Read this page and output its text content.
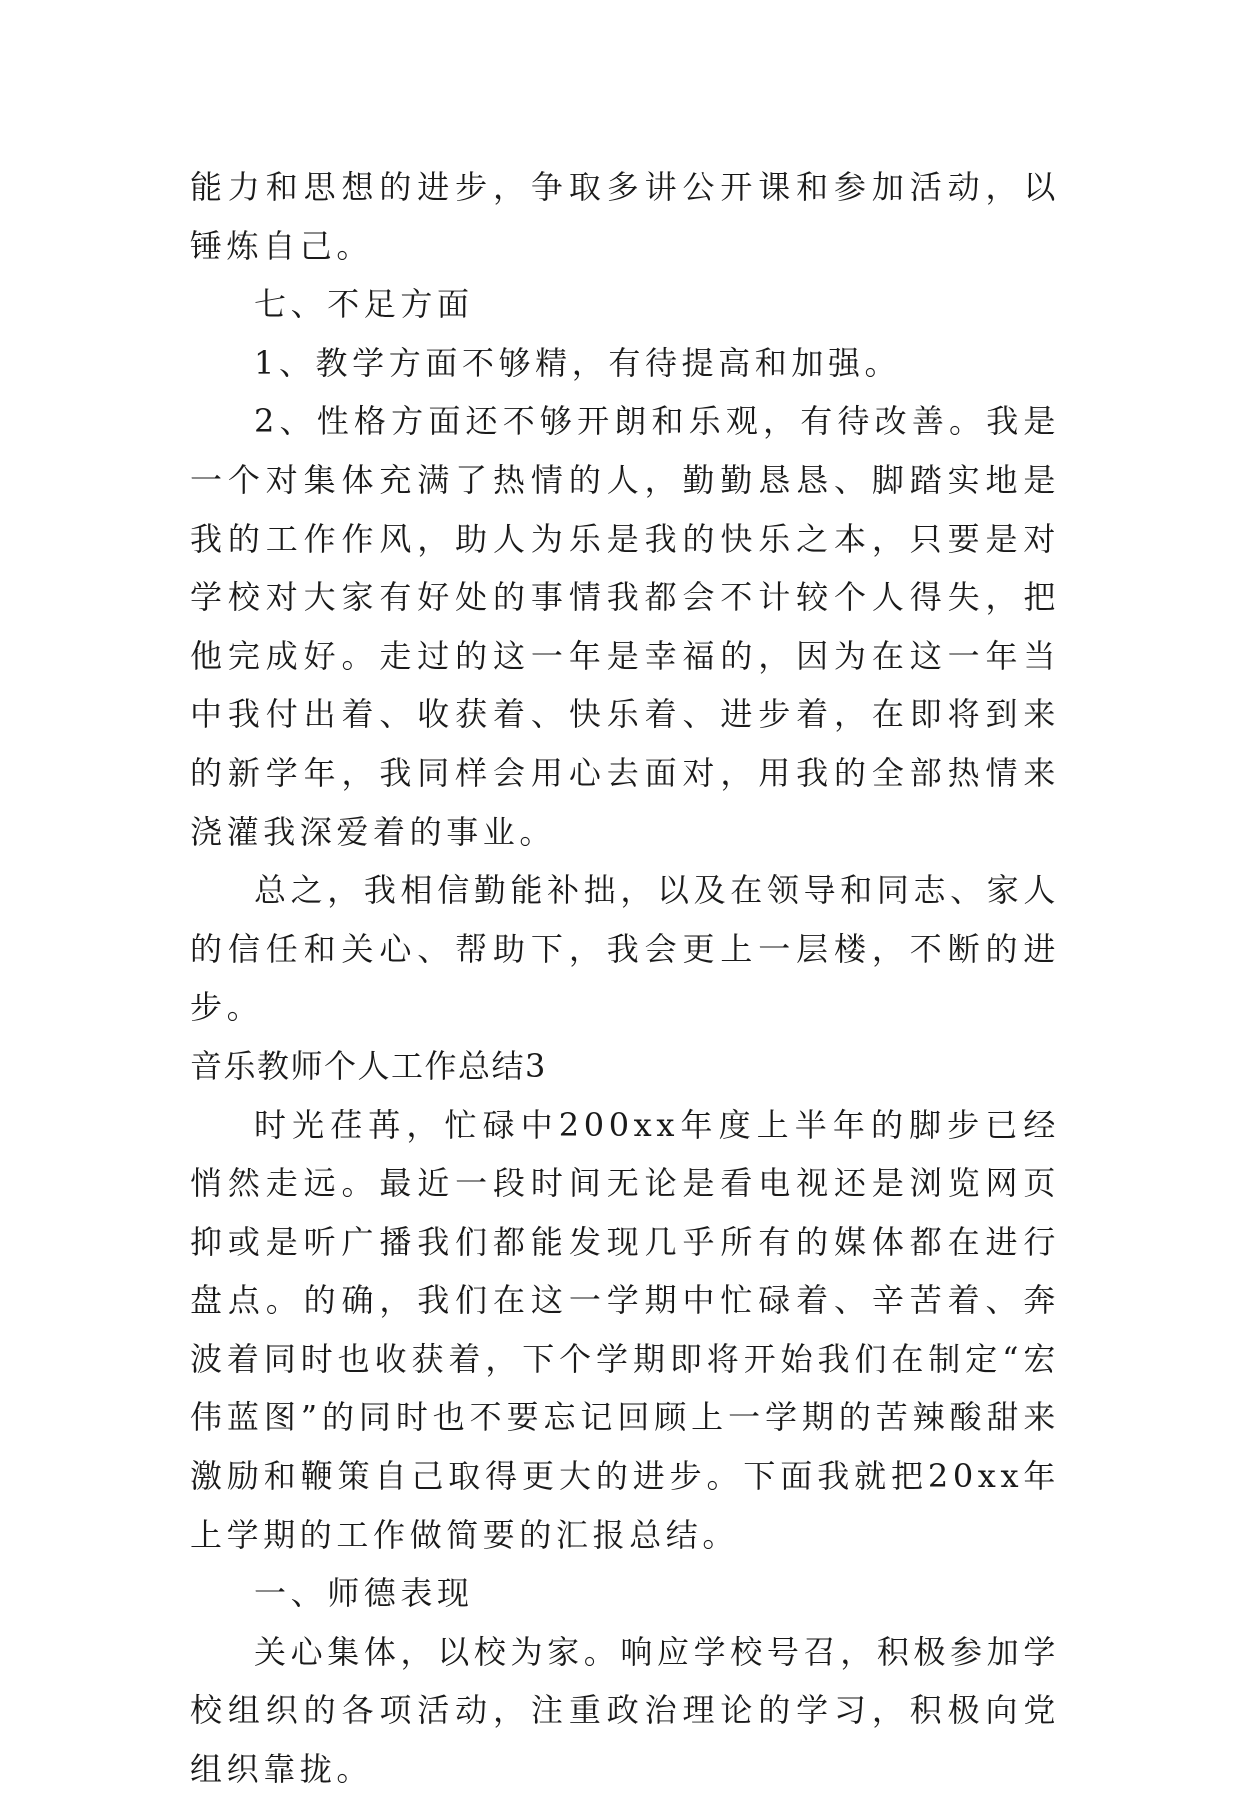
能力和思想的进步，争取多讲公开课和参加活动，以锤炼自己。

七、不足方面

1、教学方面不够精，有待提高和加强。

2、性格方面还不够开朗和乐观，有待改善。我是一个对集体充满了热情的人，勤勤恳恳、脚踏实地是我的工作作风，助人为乐是我的快乐之本，只要是对学校对大家有好处的事情我都会不计较个人得失，把他完成好。走过的这一年是幸福的，因为在这一年当中我付出着、收获着、快乐着、进步着，在即将到来的新学年，我同样会用心去面对，用我的全部热情来浇灌我深爱着的事业。

总之，我相信勤能补拙，以及在领导和同志、家人的信任和关心、帮助下，我会更上一层楼，不断的进步。

音乐教师个人工作总结3

时光荏苒，忙碌中200xx年度上半年的脚步已经悄然走远。最近一段时间无论是看电视还是浏览网页抑或是听广播我们都能发现几乎所有的媒体都在进行盘点。的确，我们在这一学期中忙碌着、辛苦着、奔波着同时也收获着，下个学期即将开始我们在制定“宏伟蓝图”的同时也不要忘记回顾上一学期的苦辣酸甜来激励和鞭策自己取得更大的进步。下面我就把20xx年上学期的工作做简要的汇报总结。

一、师德表现

关心集体，以校为家。响应学校号召，积极参加学校组织的各项活动，注重政治理论的学习，积极向党组织靠拢。
